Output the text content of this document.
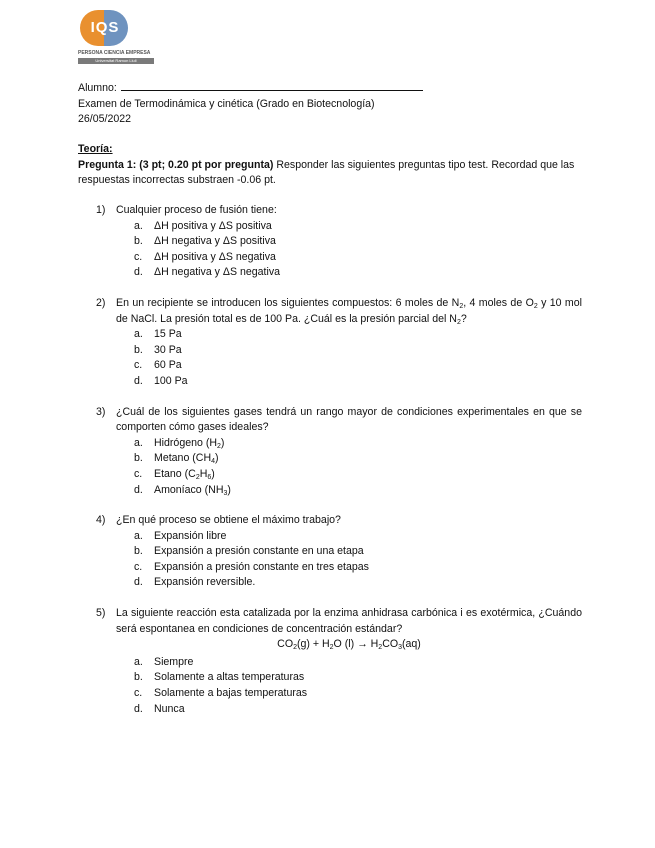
IQS
PERSONA CIENCIA EMPRESA
Universitat Ramon Llull
Alumno:
Examen de Termodinámica y cinética (Grado en Biotecnología)
26/05/2022
Teoría:
Pregunta 1: (3 pt; 0.20 pt por pregunta) Responder las siguientes preguntas tipo test. Recordad que las respuestas incorrectas substraen -0.06 pt.
1) Cualquier proceso de fusión tiene:
a.	ΔH positiva y ΔS positiva
b.	ΔH negativa y ΔS positiva
c.	ΔH positiva y ΔS negativa
d.	ΔH negativa y ΔS negativa
2) En un recipiente se introducen los siguientes compuestos: 6 moles de $N_2$, 4 moles de $O_2$ y 10 mol de NaCl. La presión total es de 100 Pa. ¿Cuál es la presión parcial del $N_2$?
a.	15 Pa
b.	30 Pa
c.	60 Pa
d.	100 Pa
3) ¿Cuál de los siguientes gases tendrá un rango mayor de condiciones experimentales en que se comporten cómo gases ideales?
a.	Hidrógeno $(H_2)$
b.	Metano $(CH_4)$
c.	Etano $(C_2H_6)$
d.	Amoníaco $(NH_3)$
4) ¿En qué proceso se obtiene el máximo trabajo?
a.	Expansión libre
b.	Expansión a presión constante en una etapa
c.	Expansión a presión constante en tres etapas
d.	Expansión reversible.
5) La siguiente reacción esta catalizada por la enzima anhidrasa carbónica i es exotérmica, ¿Cuándo será espontanea en condiciones de concentración estándar?
$CO_2(g) + H_2O$ $(l) \to H_2CO_3(aq)$
a.	Siempre
b.	Solamente a altas temperaturas
c.	Solamente a bajas temperaturas
d.	Nunca
